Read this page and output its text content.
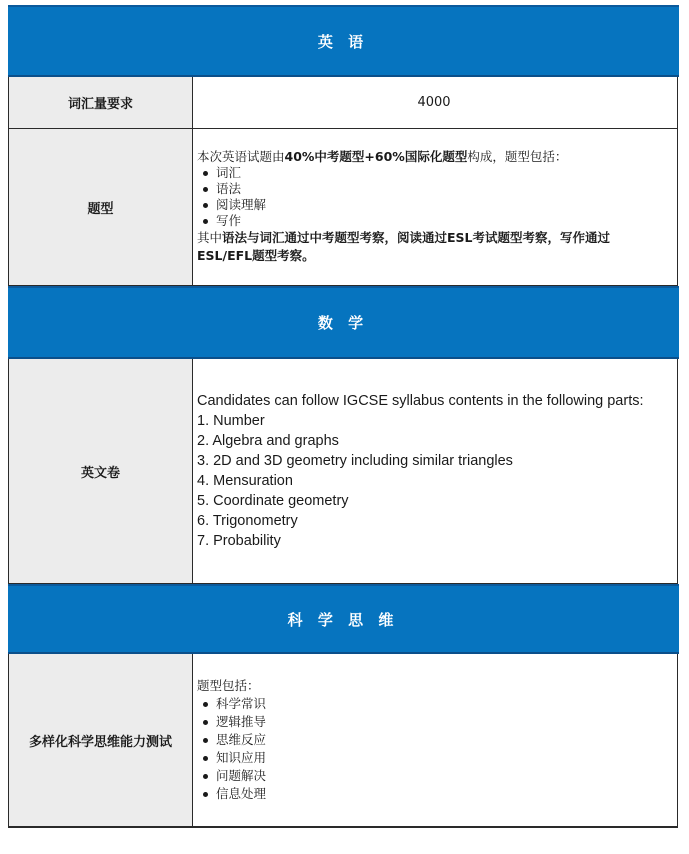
英 语
词汇量要求	4000
题型
本次英语试题由40%中考题型+60%国际化题型构成，题型包括：
词汇
语法
阅读理解
写作
其中语法与词汇通过中考题型考察，阅读通过ESL考试题型考察，写作通过
ESL/EFL题型考察。
数 学
英文卷
Candidates can follow IGCSE syllabus contents in the following parts:
1. Number
2. Algebra and graphs
3. 2D and 3D geometry including similar triangles
4. Mensuration
5. Coordinate geometry
6. Trigonometry
7. Probability
科 学 思 维
多样化科学思维能力测试
题型包括：
科学常识
逻辑推导
思维反应
知识应用
问题解决
信息处理
